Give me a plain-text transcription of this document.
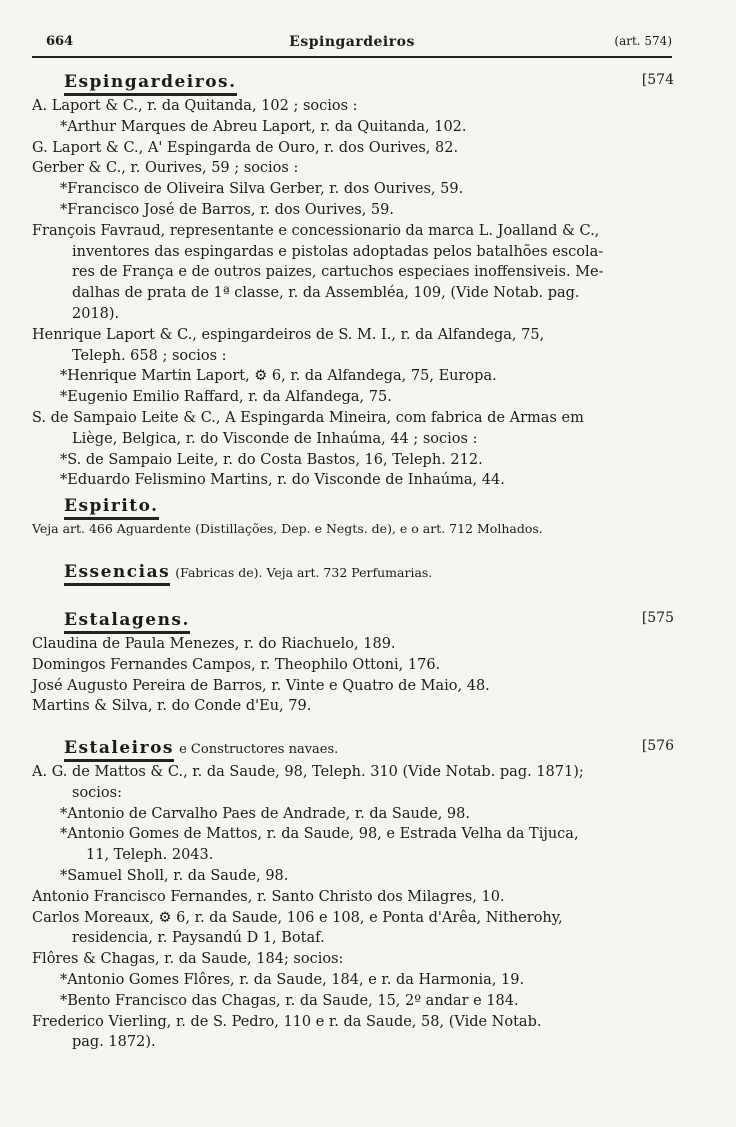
664	Espingardeiros	(art. 574)
Espingardeiros.	[574

A. Laport & C., r. da Quitanda, 102 ; socios :

*Arthur Marques de Abreu Laport, r. da Quitanda, 102.

G. Laport & C., A' Espingarda de Ouro, r. dos Ourives, 82.

Gerber & C., r. Ourives, 59 ; socios :

*Francisco de Oliveira Silva Gerber, r. dos Ourives, 59.

*Francisco José de Barros, r. dos Ourives, 59.

François Favraud, representante e concessionario da marca L. Joalland & C.,

inventores das espingardas e pistolas adoptadas pelos batalhões escola-

res de França e de outros paizes, cartuchos especiaes inoffensiveis. Me-

dalhas de prata de 1ª classe, r. da Assembléa, 109, (Vide Notab. pag.

2018).

Henrique Laport & C., espingardeiros de S. M. I., r. da Alfandega, 75,

Teleph. 658 ; socios :

*Henrique Martin Laport, ⚙ 6, r. da Alfandega, 75, Europa.

*Eugenio Emilio Raffard, r. da Alfandega, 75.

S. de Sampaio Leite & C., A Espingarda Mineira, com fabrica de Armas em

Liège, Belgica, r. do Visconde de Inhaúma, 44 ; socios :

*S. de Sampaio Leite, r. do Costa Bastos, 16, Teleph. 212.

*Eduardo Felismino Martins, r. do Visconde de Inhaúma, 44.

Espirito.

Veja art. 466 Aguardente (Distillações, Dep. e Negts. de), e o art. 712 Molhados.

Essencias (Fabricas de). Veja art. 732 Perfumarias.
Estalagens.	[575

Claudina de Paula Menezes, r. do Riachuelo, 189.

Domingos Fernandes Campos, r. Theophilo Ottoni, 176.

José Augusto Pereira de Barros, r. Vinte e Quatro de Maio, 48.

Martins & Silva, r. do Conde d'Eu, 79.

Estaleiros e Constructores navaes.	[576

A. G. de Mattos & C., r. da Saude, 98, Teleph. 310 (Vide Notab. pag. 1871);

socios:

*Antonio de Carvalho Paes de Andrade, r. da Saude, 98.

*Antonio Gomes de Mattos, r. da Saude, 98, e Estrada Velha da Tijuca,

11, Teleph. 2043.

*Samuel Sholl, r. da Saude, 98.

Antonio Francisco Fernandes, r. Santo Christo dos Milagres, 10.

Carlos Moreaux, ⚙ 6, r. da Saude, 106 e 108, e Ponta d'Arêa, Nitherohy,

residencia, r. Paysandú D 1, Botaf.

Flôres & Chagas, r. da Saude, 184; socios:

*Antonio Gomes Flôres, r. da Saude, 184, e r. da Harmonia, 19.

*Bento Francisco das Chagas, r. da Saude, 15, 2º andar e 184.

Frederico Vierling, r. de S. Pedro, 110 e r. da Saude, 58, (Vide Notab.

pag. 1872).
